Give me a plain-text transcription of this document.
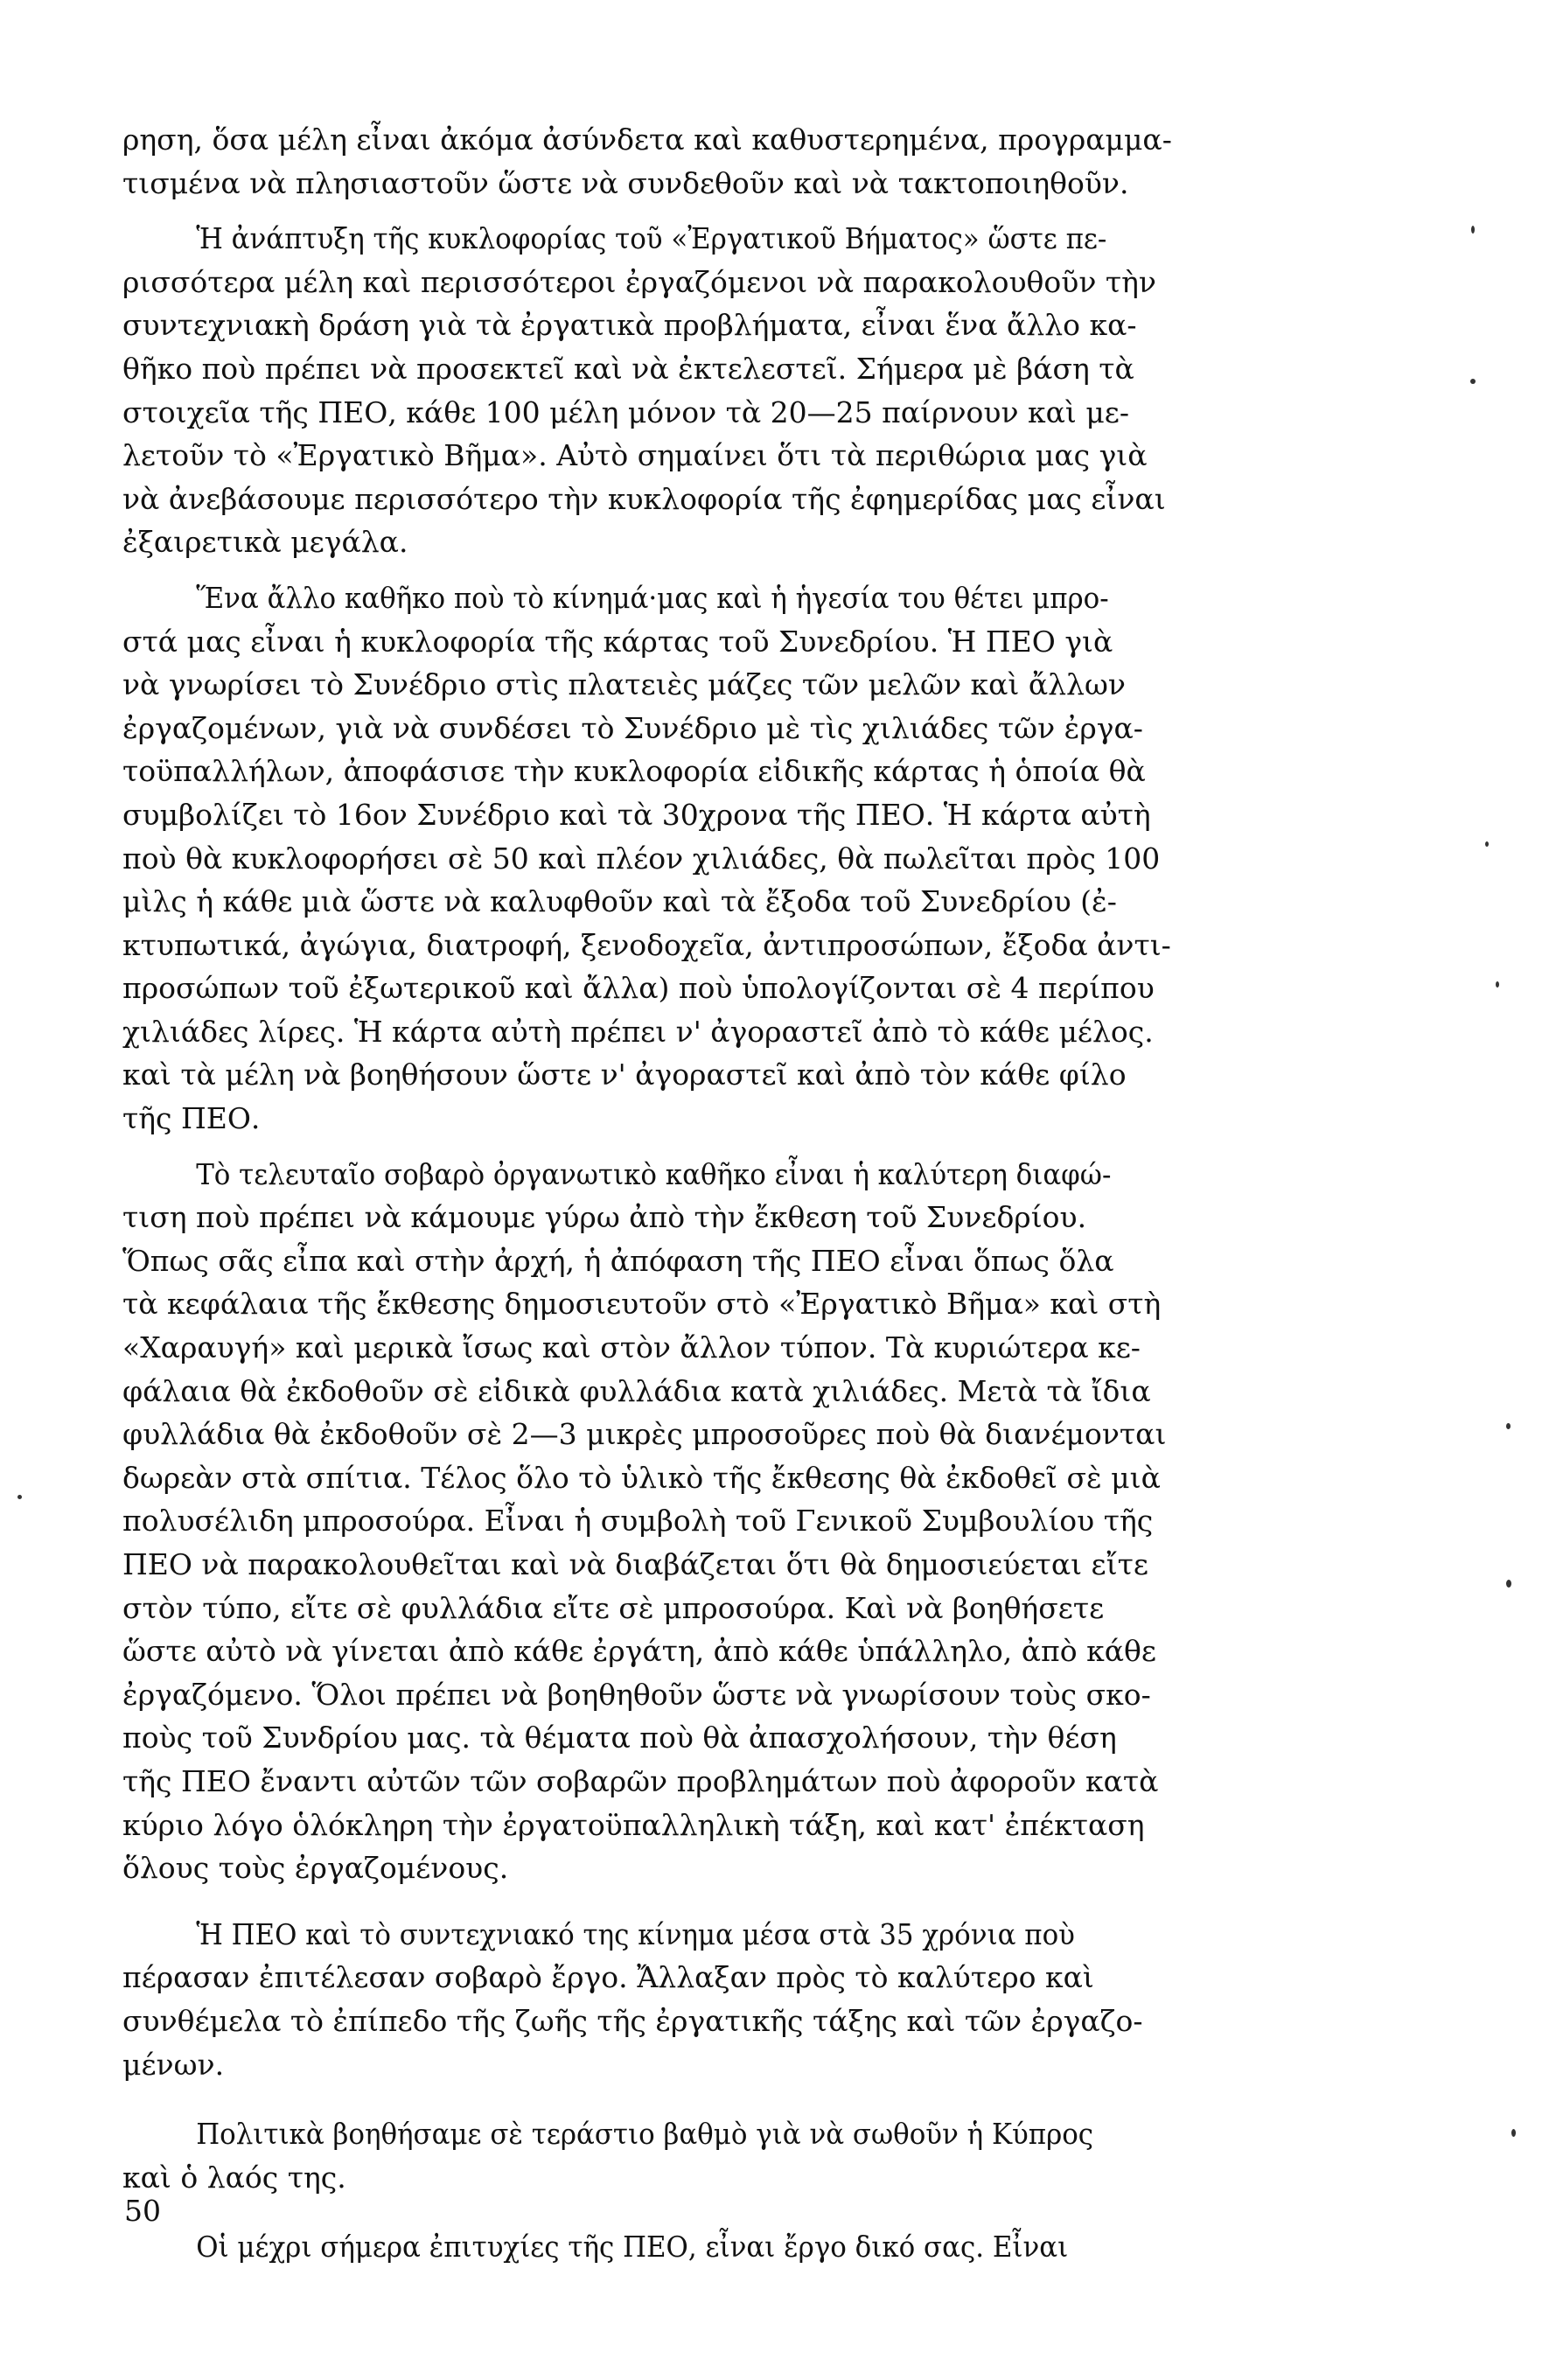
ρηση, ὅσα μέλη εἶναι ἀκόμα ἀσύνδετα καὶ καθυστερημένα, προγραμμα-
τισμένα νὰ πλησιαστοῦν ὥστε νὰ συνδεθοῦν καὶ νὰ τακτοποιηθοῦν.

Ἡ ἀνάπτυξη τῆς κυκλοφορίας τοῦ «Ἐργατικοῦ Βήματος» ὥστε πε-
ρισσότερα μέλη καὶ περισσότεροι ἐργαζόμενοι νὰ παρακολουθοῦν τὴν
συντεχνιακὴ δράση γιὰ τὰ ἐργατικὰ προβλήματα, εἶναι ἕνα ἄλλο κα-
θῆκο ποὺ πρέπει νὰ προσεκτεῖ καὶ νὰ ἐκτελεστεῖ. Σήμερα μὲ βάση τὰ
στοιχεῖα τῆς ΠΕΟ, κάθε 100 μέλη μόνον τὰ 20—25 παίρνουν καὶ με-
λετοῦν τὸ «Ἐργατικὸ Βῆμα». Αὐτὸ σημαίνει ὅτι τὰ περιθώρια μας γιὰ
νὰ ἀνεβάσουμε περισσότερο τὴν κυκλοφορία τῆς ἐφημερίδας μας εἶναι
ἐξαιρετικὰ μεγάλα.

Ἕνα ἄλλο καθῆκο ποὺ τὸ κίνημά·μας καὶ ἡ ἡγεσία του θέτει μπρο-
στά μας εἶναι ἡ κυκλοφορία τῆς κάρτας τοῦ Συνεδρίου. Ἡ ΠΕΟ γιὰ
νὰ γνωρίσει τὸ Συνέδριο στὶς πλατειὲς μάζες τῶν μελῶν καὶ ἄλλων
ἐργαζομένων, γιὰ νὰ συνδέσει τὸ Συνέδριο μὲ τὶς χιλιάδες τῶν ἐργα-
τοϋπαλλήλων, ἀποφάσισε τὴν κυκλοφορία εἰδικῆς κάρτας ἡ ὁποία θὰ
συμβολίζει τὸ 16ον Συνέδριο καὶ τὰ 30χρονα τῆς ΠΕΟ. Ἡ κάρτα αὐτὴ
ποὺ θὰ κυκλοφορήσει σὲ 50 καὶ πλέον χιλιάδες, θὰ πωλεῖται πρὸς 100
μὶλς ἡ κάθε μιὰ ὥστε νὰ καλυφθοῦν καὶ τὰ ἔξοδα τοῦ Συνεδρίου (ἐ-
κτυπωτικά, ἀγώγια, διατροφή, ξενοδοχεῖα, ἀντιπροσώπων, ἔξοδα ἀντι-
προσώπων τοῦ ἐξωτερικοῦ καὶ ἄλλα) ποὺ ὑπολογίζονται σὲ 4 περίπου
χιλιάδες λίρες. Ἡ κάρτα αὐτὴ πρέπει ν' ἀγοραστεῖ ἀπὸ τὸ κάθε μέλος.
καὶ τὰ μέλη νὰ βοηθήσουν ὥστε ν' ἀγοραστεῖ καὶ ἀπὸ τὸν κάθε φίλο
τῆς ΠΕΟ.

Τὸ τελευταῖο σοβαρὸ ὀργανωτικὸ καθῆκο εἶναι ἡ καλύτερη διαφώ-
τιση ποὺ πρέπει νὰ κάμουμε γύρω ἀπὸ τὴν ἔκθεση τοῦ Συνεδρίου.
Ὅπως σᾶς εἶπα καὶ στὴν ἀρχή, ἡ ἀπόφαση τῆς ΠΕΟ εἶναι ὅπως ὅλα
τὰ κεφάλαια τῆς ἔκθεσης δημοσιευτοῦν στὸ «Ἐργατικὸ Βῆμα» καὶ στὴ
«Χαραυγή» καὶ μερικὰ ἴσως καὶ στὸν ἄλλον τύπον. Τὰ κυριώτερα κε-
φάλαια θὰ ἐκδοθοῦν σὲ εἰδικὰ φυλλάδια κατὰ χιλιάδες. Μετὰ τὰ ἴδια
φυλλάδια θὰ ἐκδοθοῦν σὲ 2—3 μικρὲς μπροσοῦρες ποὺ θὰ διανέμονται
δωρεὰν στὰ σπίτια. Τέλος ὅλο τὸ ὑλικὸ τῆς ἔκθεσης θὰ ἐκδοθεῖ σὲ μιὰ
πολυσέλιδη μπροσούρα. Εἶναι ἡ συμβολὴ τοῦ Γενικοῦ Συμβουλίου τῆς
ΠΕΟ νὰ παρακολουθεῖται καὶ νὰ διαβάζεται ὅτι θὰ δημοσιεύεται εἴτε
στὸν τύπο, εἴτε σὲ φυλλάδια εἴτε σὲ μπροσούρα. Καὶ νὰ βοηθήσετε
ὥστε αὐτὸ νὰ γίνεται ἀπὸ κάθε ἐργάτη, ἀπὸ κάθε ὑπάλληλο, ἀπὸ κάθε
ἐργαζόμενο. Ὅλοι πρέπει νὰ βοηθηθοῦν ὥστε νὰ γνωρίσουν τοὺς σκο-
ποὺς τοῦ Συνδρίου μας. τὰ θέματα ποὺ θὰ ἀπασχολήσουν, τὴν θέση
τῆς ΠΕΟ ἔναντι αὐτῶν τῶν σοβαρῶν προβλημάτων ποὺ ἀφοροῦν κατὰ
κύριο λόγο ὁλόκληρη τὴν ἐργατοϋπαλληλικὴ τάξη, καὶ κατ' ἐπέκταση
ὅλους τοὺς ἐργαζομένους.

Ἡ ΠΕΟ καὶ τὸ συντεχνιακό της κίνημα μέσα στὰ 35 χρόνια ποὺ
πέρασαν ἐπιτέλεσαν σοβαρὸ ἔργο. Ἄλλαξαν πρὸς τὸ καλύτερο καὶ
συνθέμελα τὸ ἐπίπεδο τῆς ζωῆς τῆς ἐργατικῆς τάξης καὶ τῶν ἐργαζο-
μένων.

Πολιτικὰ βοηθήσαμε σὲ τεράστιο βαθμὸ γιὰ νὰ σωθοῦν ἡ Κύπρος
καὶ ὁ λαός της.

Οἱ μέχρι σήμερα ἐπιτυχίες τῆς ΠΕΟ, εἶναι ἔργο δικό σας. Εἶναι

50
